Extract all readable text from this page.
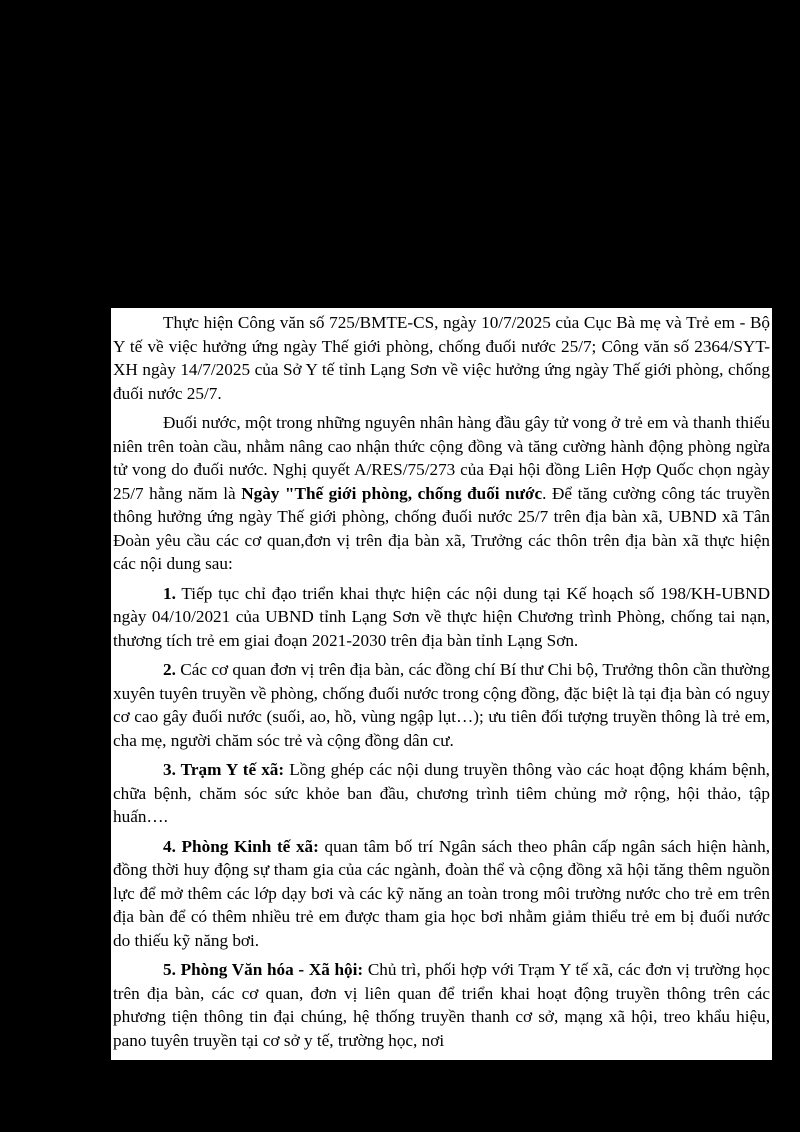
Thực hiện Công văn số 725/BMTE-CS, ngày 10/7/2025 của Cục Bà mẹ và Trẻ em - Bộ Y tế về việc hưởng ứng ngày Thế giới phòng, chống đuối nước 25/7; Công văn số 2364/SYT-XH ngày 14/7/2025 của Sở Y tế tỉnh Lạng Sơn về việc hưởng ứng ngày Thế giới phòng, chống đuối nước 25/7.

Đuối nước, một trong những nguyên nhân hàng đầu gây tử vong ở trẻ em và thanh thiếu niên trên toàn cầu, nhằm nâng cao nhận thức cộng đồng và tăng cường hành động phòng ngừa tử vong do đuối nước. Nghị quyết A/RES/75/273 của Đại hội đồng Liên Hợp Quốc chọn ngày 25/7 hằng năm là Ngày "Thế giới phòng, chống đuối nước. Để tăng cường công tác truyền thông hưởng ứng ngày Thế giới phòng, chống đuối nước 25/7 trên địa bàn xã, UBND xã Tân Đoàn yêu cầu các cơ quan,đơn vị trên địa bàn xã, Trưởng các thôn trên địa bàn xã thực hiện các nội dung sau:

1. Tiếp tục chỉ đạo triển khai thực hiện các nội dung tại Kế hoạch số 198/KH-UBND ngày 04/10/2021 của UBND tỉnh Lạng Sơn về thực hiện Chương trình Phòng, chống tai nạn, thương tích trẻ em giai đoạn 2021-2030 trên địa bàn tỉnh Lạng Sơn.

2. Các cơ quan đơn vị trên địa bàn, các đồng chí Bí thư Chi bộ, Trưởng thôn cần thường xuyên tuyên truyền về phòng, chống đuối nước trong cộng đồng, đặc biệt là tại địa bàn có nguy cơ cao gây đuối nước (suối, ao, hồ, vùng ngập lụt…); ưu tiên đối tượng truyền thông là trẻ em, cha mẹ, người chăm sóc trẻ và cộng đồng dân cư.

3. Trạm Y tế xã: Lồng ghép các nội dung truyền thông vào các hoạt động khám bệnh, chữa bệnh, chăm sóc sức khỏe ban đầu, chương trình tiêm chủng mở rộng, hội thảo, tập huấn….

4. Phòng Kinh tế xã: quan tâm bố trí Ngân sách theo phân cấp ngân sách hiện hành, đồng thời huy động sự tham gia của các ngành, đoàn thể và cộng đồng xã hội tăng thêm nguồn lực để mở thêm các lớp dạy bơi và các kỹ năng an toàn trong môi trường nước cho trẻ em trên địa bàn để có thêm nhiều trẻ em được tham gia học bơi nhằm giảm thiểu trẻ em bị đuối nước do thiếu kỹ năng bơi.

5. Phòng Văn hóa - Xã hội: Chủ trì, phối hợp với Trạm Y tế xã, các đơn vị trường học trên địa bàn, các cơ quan, đơn vị liên quan để triển khai hoạt động truyền thông trên các phương tiện thông tin đại chúng, hệ thống truyền thanh cơ sở, mạng xã hội, treo khẩu hiệu, pano tuyên truyền tại cơ sở y tế, trường học, nơi
